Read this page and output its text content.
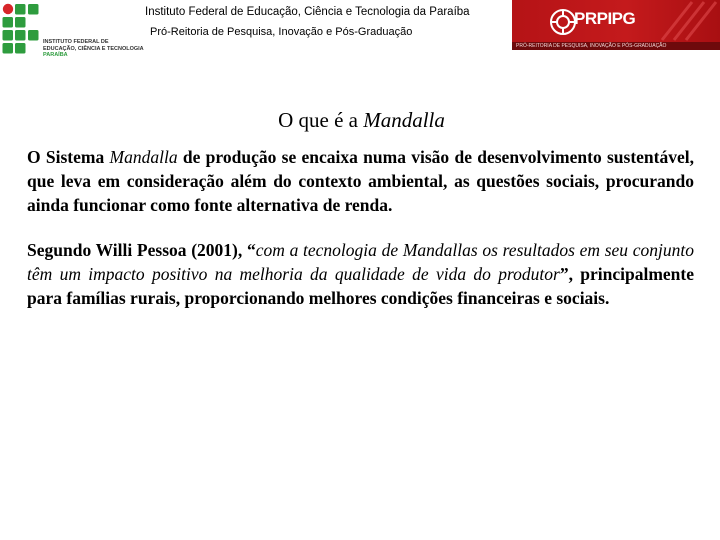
INSTITUTO FEDERAL DE
EDUCAÇÃO, CIÊNCIA E TECNOLOGIA
PARAÍBA
Instituto Federal de Educação, Ciência e Tecnologia da Paraíba
Pró-Reitoria de Pesquisa, Inovação e Pós-Graduação
PRPIPG
PRÓ-REITORIA DE PESQUISA, INOVAÇÃO E PÓS-GRADUAÇÃO
O que é a Mandalla

O Sistema Mandalla de produção se encaixa numa visão de desenvolvimento sustentável, que leva em consideração além do contexto ambiental, as questões sociais, procurando ainda funcionar como fonte alternativa de renda.

Segundo Willi Pessoa (2001), “com a tecnologia de Mandallas os resultados em seu conjunto têm um impacto positivo na melhoria da qualidade de vida do produtor”, principalmente para famílias rurais, proporcionando melhores condições financeiras e sociais.
